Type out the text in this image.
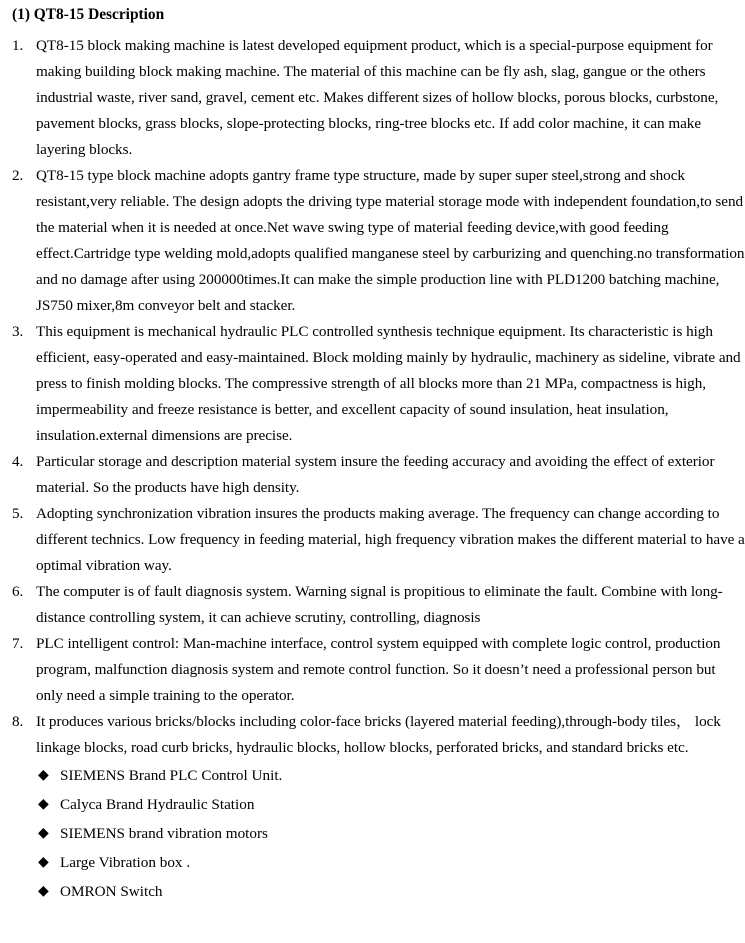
(1) QT8-15 Description
1. QT8-15 block making machine is latest developed equipment product, which is a special-purpose equipment for making building block making machine. The material of this machine can be fly ash, slag, gangue or the others industrial waste, river sand, gravel, cement etc. Makes different sizes of hollow blocks, porous blocks, curbstone, pavement blocks, grass blocks, slope-protecting blocks, ring-tree blocks etc. If add color machine, it can make layering blocks.
2. QT8-15 type block machine adopts gantry frame type structure, made by super super steel,strong and shock resistant,very reliable. The design adopts the driving type material storage mode with independent foundation,to send the material when it is needed at once.Net wave swing type of material feeding device,with good feeding effect.Cartridge type welding mold,adopts qualified manganese steel by carburizing and quenching.no transformation and no damage after using 200000times.It can make the simple production line with PLD1200 batching machine, JS750 mixer,8m conveyor belt and stacker.
3. This equipment is mechanical hydraulic PLC controlled synthesis technique equipment. Its characteristic is high efficient, easy-operated and easy-maintained. Block molding mainly by hydraulic, machinery as sideline, vibrate and press to finish molding blocks. The compressive strength of all blocks more than 21 MPa, compactness is high, impermeability and freeze resistance is better, and excellent capacity of sound insulation, heat insulation, insulation.external dimensions are precise.
4. Particular storage and description material system insure the feeding accuracy and avoiding the effect of exterior material. So the products have high density.
5. Adopting synchronization vibration insures the products making average. The frequency can change according to different technics. Low frequency in feeding material, high frequency vibration makes the different material to have a optimal vibration way.
6. The computer is of fault diagnosis system. Warning signal is propitious to eliminate the fault. Combine with long-distance controlling system, it can achieve scrutiny, controlling, diagnosis
7. PLC intelligent control: Man-machine interface, control system equipped with complete logic control, production program, malfunction diagnosis system and remote control function. So it doesn’t need a professional person but only need a simple training to the operator.
8. It produces various bricks/blocks including color-face bricks (layered material feeding),through-body tiles， lock linkage blocks, road curb bricks, hydraulic blocks, hollow blocks, perforated bricks, and standard bricks etc.
◆ SIEMENS Brand PLC Control Unit.
◆ Calyca Brand Hydraulic Station
◆ SIEMENS brand vibration motors
◆ Large Vibration box .
◆ OMRON Switch
